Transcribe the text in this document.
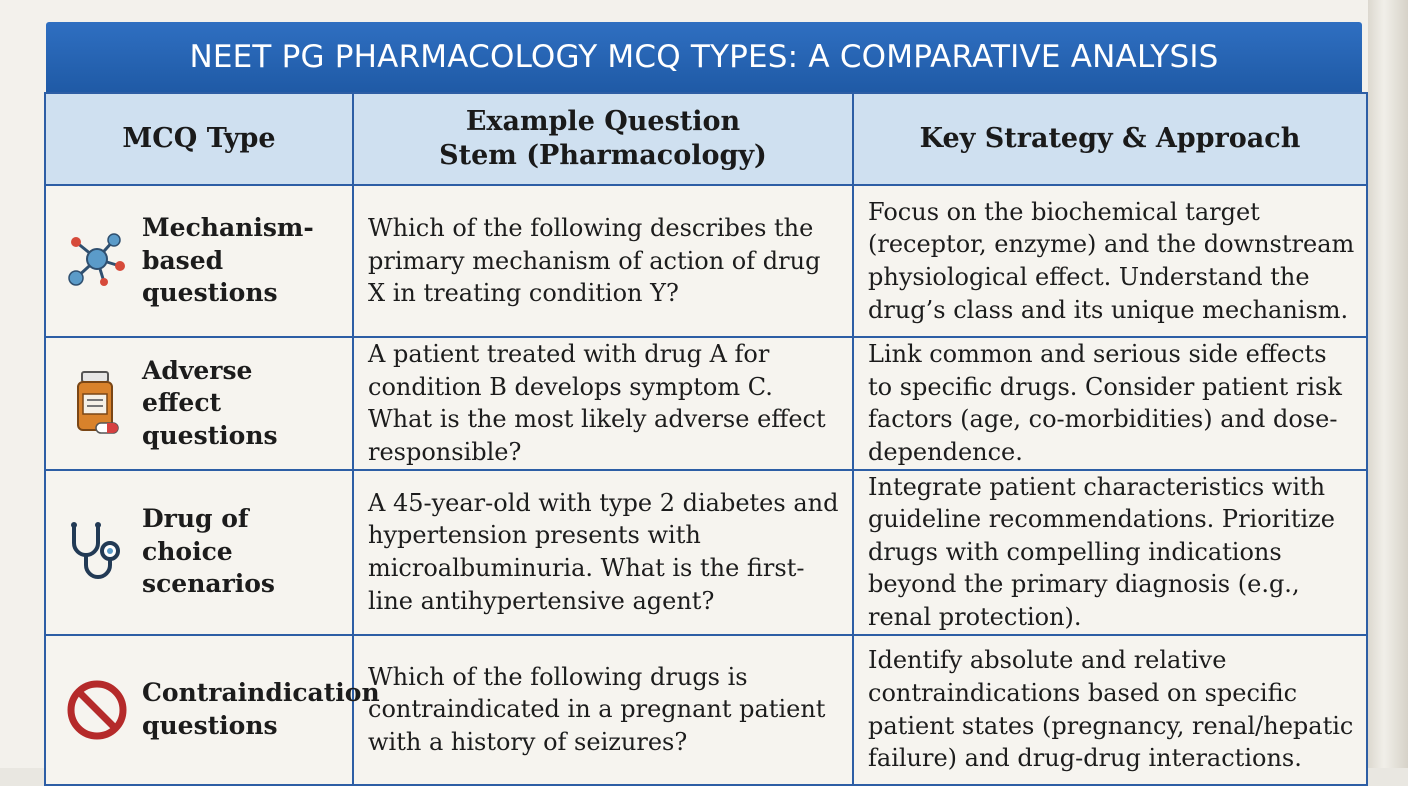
NEET PG PHARMACOLOGY MCQ TYPES: A COMPARATIVE ANALYSIS
MCQ Type	Example Question Stem (Pharmacology)	Key Strategy & Approach

Mechanism-based questions	Which of the following describes the primary mechanism of action of drug X in treating condition Y?	Focus on the biochemical target (receptor, enzyme) and the downstream physiological effect. Understand the drug’s class and its unique mechanism.

Adverse effect questions	A patient treated with drug A for condition B develops symptom C. What is the most likely adverse effect responsible?	Link common and serious side effects to specific drugs. Consider patient risk factors (age, co-morbidities) and dose-dependence.

Drug of choice scenarios	A 45-year-old with type 2 diabetes and hypertension presents with microalbuminuria. What is the first-line antihypertensive agent?	Integrate patient characteristics with guideline recommendations. Prioritize drugs with compelling indications beyond the primary diagnosis (e.g., renal protection).

Contraindication questions	Which of the following drugs is contraindicated in a pregnant patient with a history of seizures?	Identify absolute and relative contraindications based on specific patient states (pregnancy, renal/hepatic failure) and drug-drug interactions.
